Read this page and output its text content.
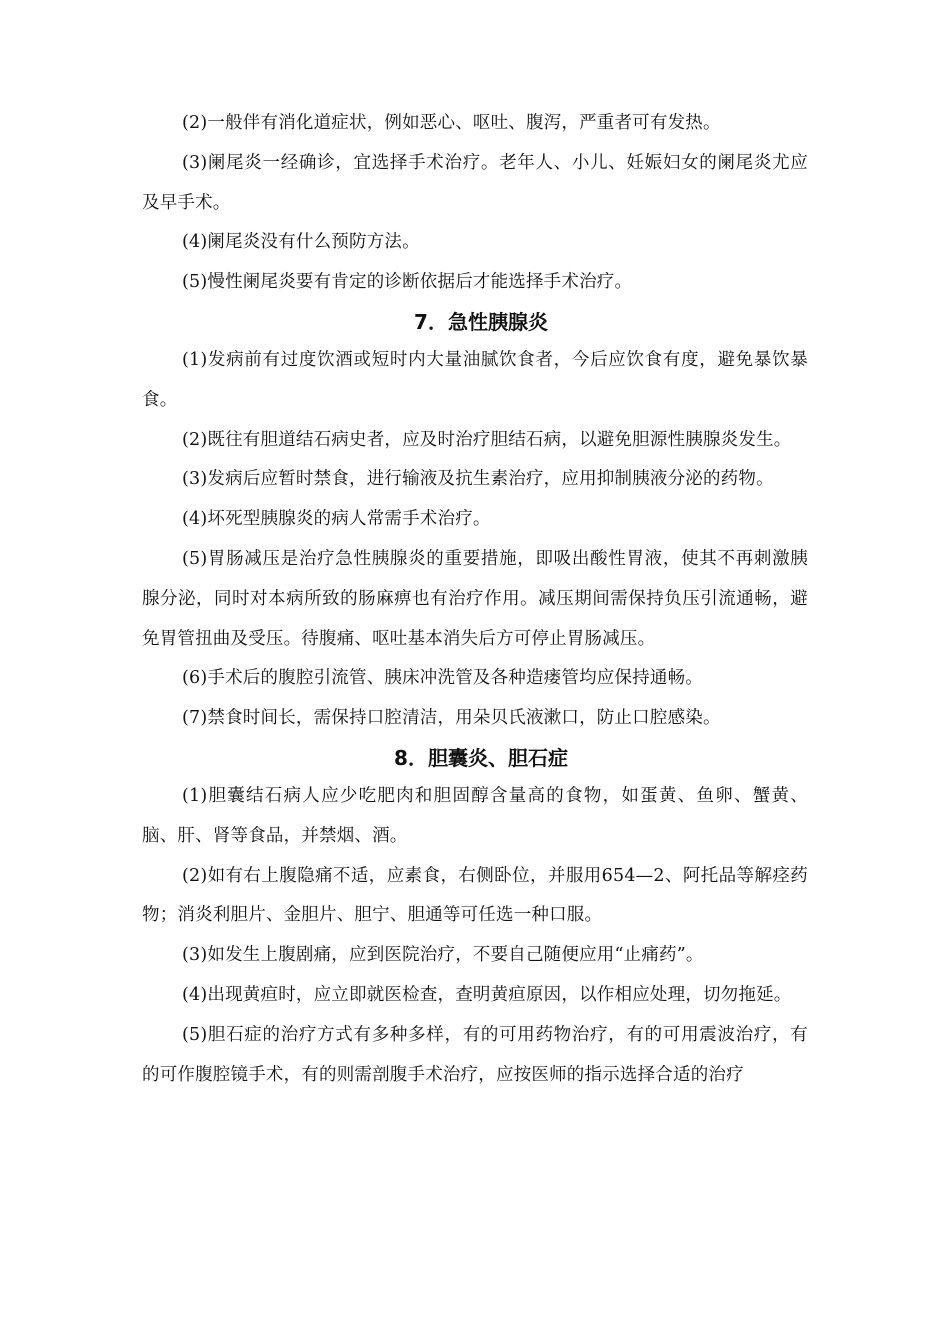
(2)一般伴有消化道症状，例如恶心、呕吐、腹泻，严重者可有发热。

(3)阑尾炎一经确诊，宜选择手术治疗。老年人、小儿、妊娠妇女的阑尾炎尤应及早手术。

(4)阑尾炎没有什么预防方法。

(5)慢性阑尾炎要有肯定的诊断依据后才能选择手术治疗。

7．急性胰腺炎

(1)发病前有过度饮酒或短时内大量油腻饮食者，今后应饮食有度，避免暴饮暴食。

(2)既往有胆道结石病史者，应及时治疗胆结石病，以避免胆源性胰腺炎发生。

(3)发病后应暂时禁食，进行输液及抗生素治疗，应用抑制胰液分泌的药物。

(4)坏死型胰腺炎的病人常需手术治疗。

(5)胃肠减压是治疗急性胰腺炎的重要措施，即吸出酸性胃液，使其不再刺激胰腺分泌，同时对本病所致的肠麻痹也有治疗作用。减压期间需保持负压引流通畅，避免胃管扭曲及受压。待腹痛、呕吐基本消失后方可停止胃肠减压。

(6)手术后的腹腔引流管、胰床冲洗管及各种造瘘管均应保持通畅。

(7)禁食时间长，需保持口腔清洁，用朵贝氏液漱口，防止口腔感染。

8．胆囊炎、胆石症

(1)胆囊结石病人应少吃肥肉和胆固醇含量高的食物，如蛋黄、鱼卵、蟹黄、脑、肝、肾等食品，并禁烟、酒。

(2)如有右上腹隐痛不适，应素食，右侧卧位，并服用654—2、阿托品等解痉药物；消炎利胆片、金胆片、胆宁、胆通等可任选一种口服。

(3)如发生上腹剧痛，应到医院治疗，不要自己随便应用“止痛药”。

(4)出现黄疸时，应立即就医检查，查明黄疸原因，以作相应处理，切勿拖延。

(5)胆石症的治疗方式有多种多样，有的可用药物治疗，有的可用震波治疗，有的可作腹腔镜手术，有的则需剖腹手术治疗，应按医师的指示选择合适的治疗
